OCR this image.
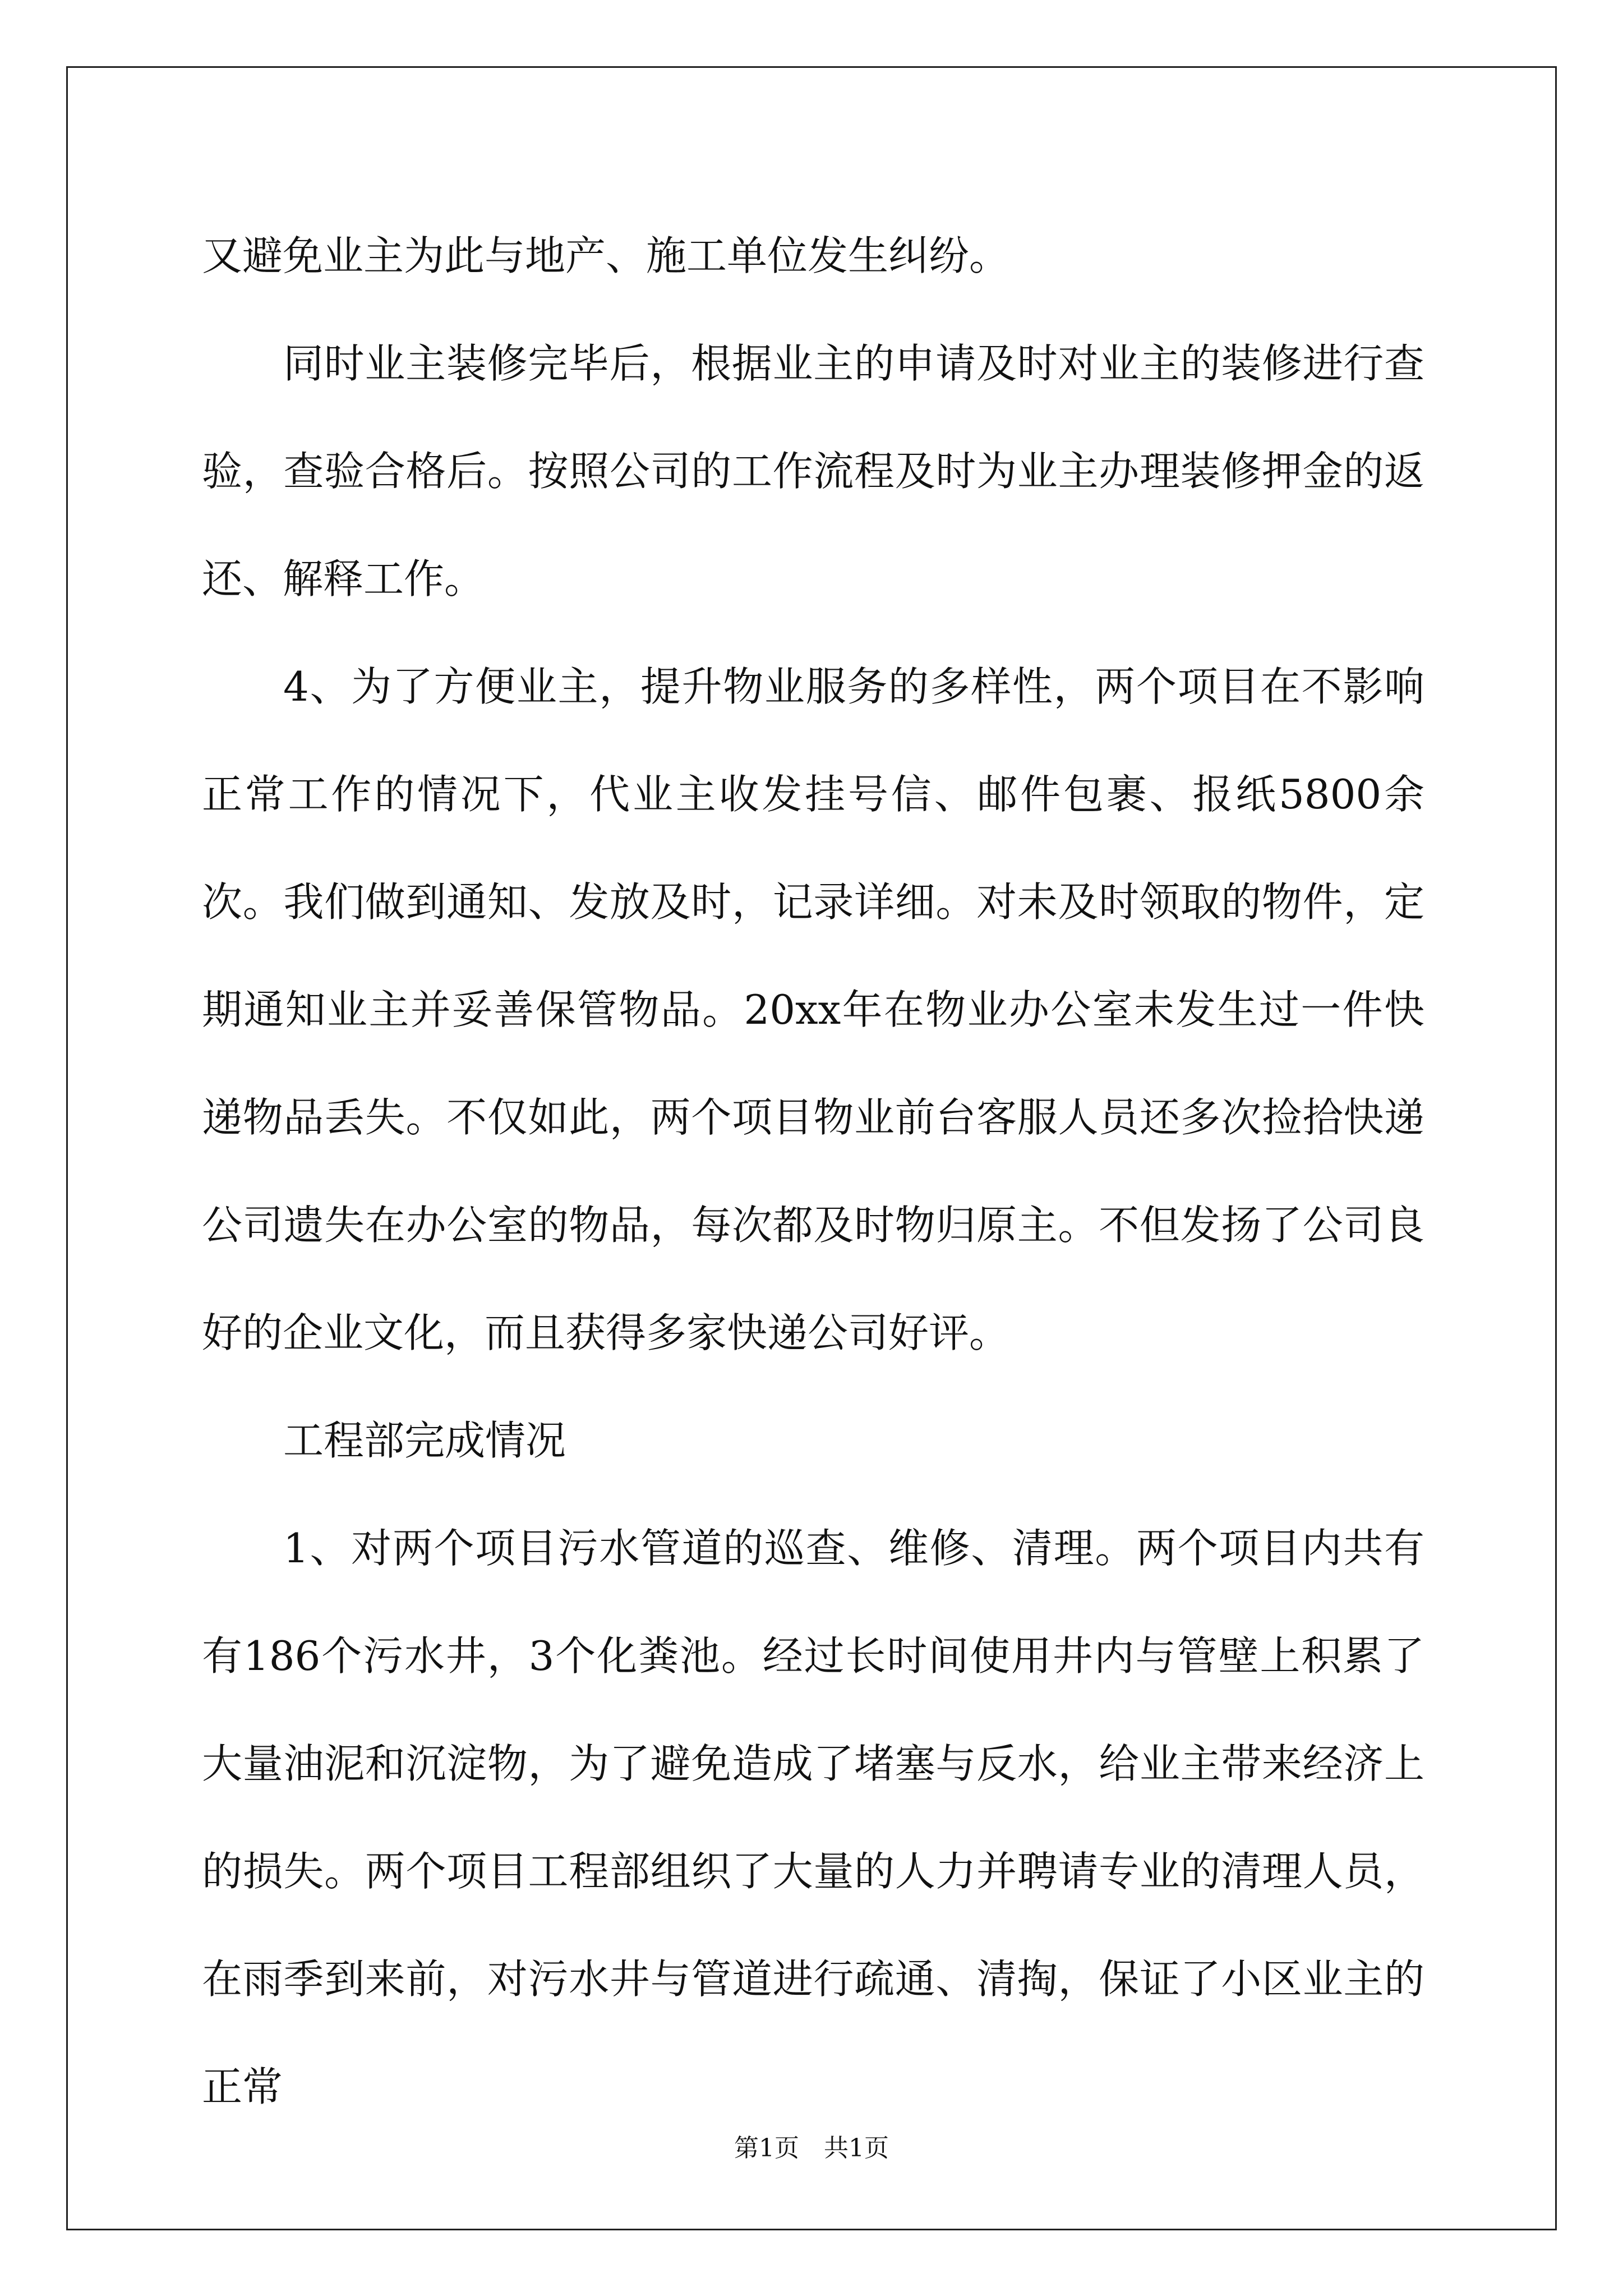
又避免业主为此与地产、施工单位发生纠纷。

同时业主装修完毕后，根据业主的申请及时对业主的装修进行查验，查验合格后。按照公司的工作流程及时为业主办理装修押金的返还、解释工作。

4、为了方便业主，提升物业服务的多样性，两个项目在不影响正常工作的情况下，代业主收发挂号信、邮件包裹、报纸5800余次。我们做到通知、发放及时，记录详细。对未及时领取的物件，定期通知业主并妥善保管物品。20xx年在物业办公室未发生过一件快递物品丢失。不仅如此，两个项目物业前台客服人员还多次捡拾快递公司遗失在办公室的物品，每次都及时物归原主。不但发扬了公司良好的企业文化，而且获得多家快递公司好评。

工程部完成情况

1、对两个项目污水管道的巡查、维修、清理。两个项目内共有有186个污水井，3个化粪池。经过长时间使用井内与管壁上积累了大量油泥和沉淀物，为了避免造成了堵塞与反水，给业主带来经济上的损失。两个项目工程部组织了大量的人力并聘请专业的清理人员，在雨季到来前，对污水井与管道进行疏通、清掏，保证了小区业主的正常

第1页　共1页
